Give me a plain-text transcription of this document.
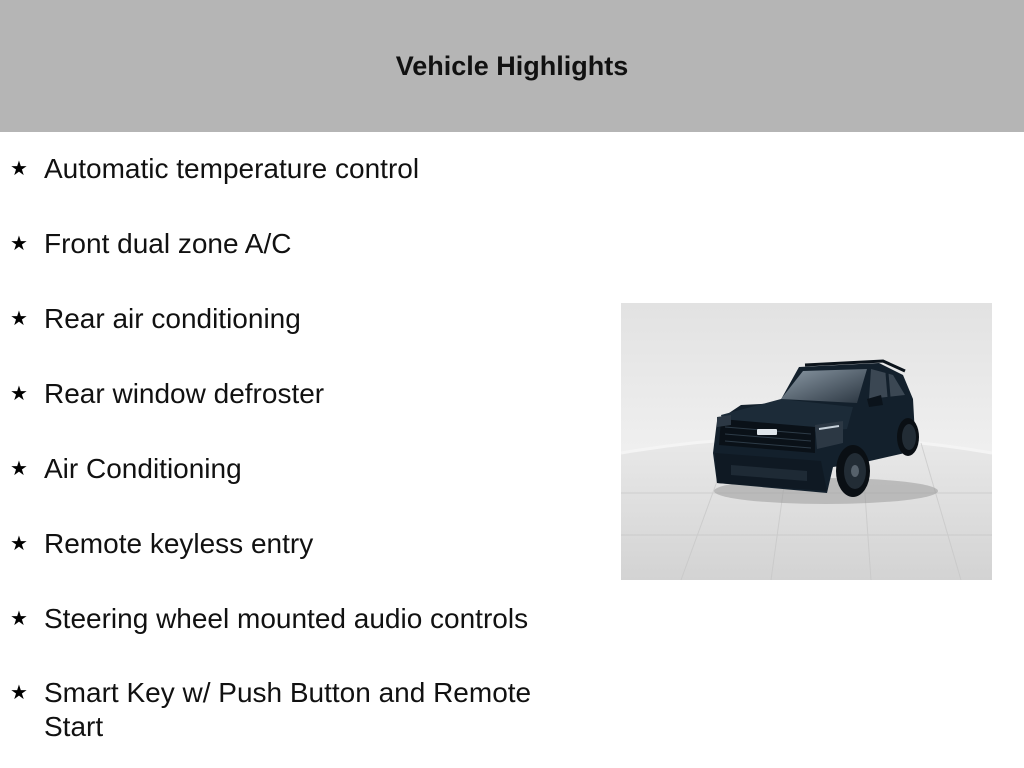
Vehicle Highlights
★ Automatic temperature control
★ Front dual zone A/C
★ Rear air conditioning
★ Rear window defroster
★ Air Conditioning
★ Remote keyless entry
★ Steering wheel mounted audio controls
★ Smart Key w/ Push Button and Remote Start
